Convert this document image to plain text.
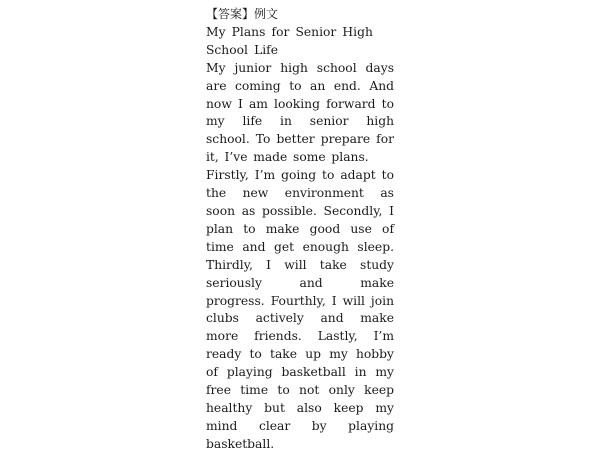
【答案】例文

My Plans for Senior High School Life

My junior high school days are coming to an end. And now I am looking forward to my life in senior high school. To better prepare for it, I’ve made some plans.

Firstly, I’m going to adapt to the new environment as soon as possible. Secondly, I plan to make good use of time and get enough sleep. Thirdly, I will take study seriously and make progress. Fourthly, I will join clubs actively and make more friends. Lastly, I’m ready to take up my hobby of playing basketball in my free time to not only keep healthy but also keep my mind clear by playing basketball.
